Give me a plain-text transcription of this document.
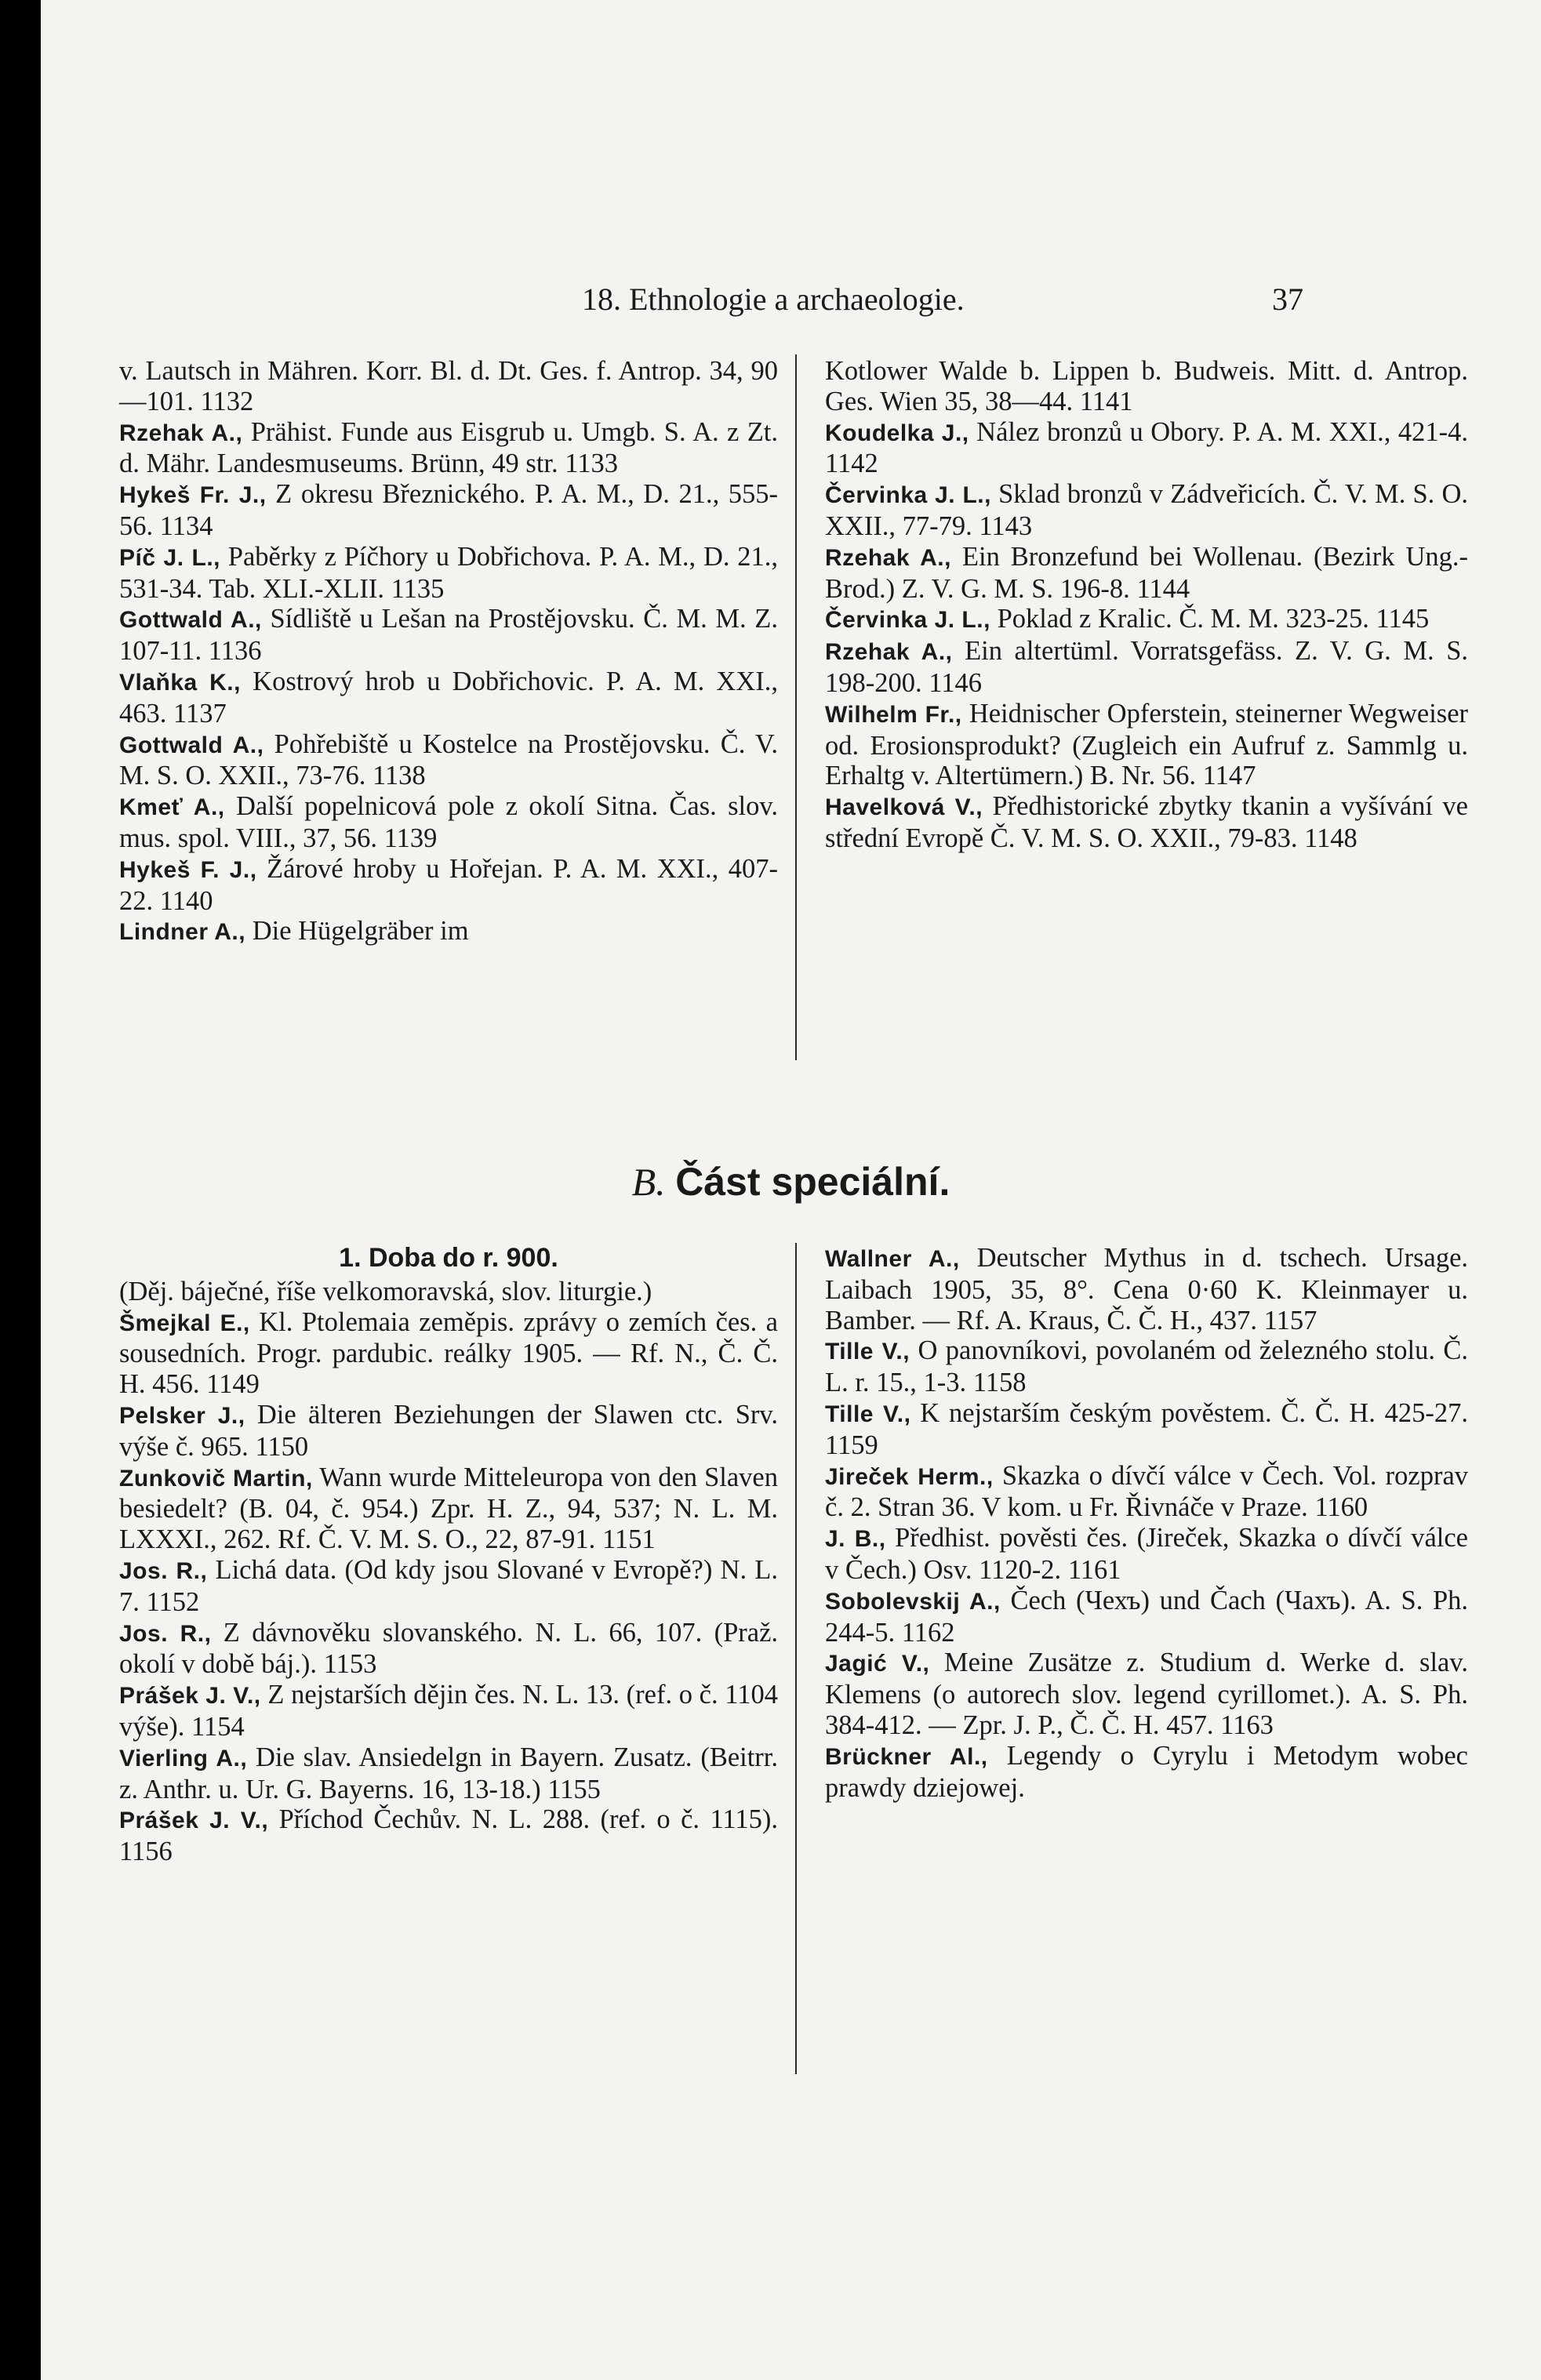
18. Ethnologie a archaeologie.	37

v. Lautsch in Mähren. Korr. Bl. d. Dt. Ges. f. Antrop. 34, 90—101. 1132

Rzehak A., Prähist. Funde aus Eisgrub u. Umgb. S. A. z Zt. d. Mähr. Landesmuseums. Brünn, 49 str. 1133

Hykeš Fr. J., Z okresu Březnického. P. A. M., D. 21., 555-56. 1134

Píč J. L., Paběrky z Píčhory u Dobřichova. P. A. M., D. 21., 531-34. Tab. XLI.-XLII. 1135

Gottwald A., Sídliště u Lešan na Prostějovsku. Č. M. M. Z. 107-11. 1136

Vlaňka K., Kostrový hrob u Dobřichovic. P. A. M. XXI., 463. 1137

Gottwald A., Pohřebiště u Kostelce na Prostějovsku. Č. V. M. S. O. XXII., 73-76. 1138

Kmeť A., Další popelnicová pole z okolí Sitna. Čas. slov. mus. spol. VIII., 37, 56. 1139

Hykeš F. J., Žárové hroby u Hořejan. P. A. M. XXI., 407-22. 1140

Lindner A., Die Hügelgräber im

Kotlower Walde b. Lippen b. Budweis. Mitt. d. Antrop. Ges. Wien 35, 38—44. 1141

Koudelka J., Nález bronzů u Obory. P. A. M. XXI., 421-4. 1142

Červinka J. L., Sklad bronzů v Zádveřicích. Č. V. M. S. O. XXII., 77-79. 1143

Rzehak A., Ein Bronzefund bei Wollenau. (Bezirk Ung.-Brod.) Z. V. G. M. S. 196-8. 1144

Červinka J. L., Poklad z Kralic. Č. M. M. 323-25. 1145

Rzehak A., Ein altertüml. Vorratsgefäss. Z. V. G. M. S. 198-200. 1146

Wilhelm Fr., Heidnischer Opferstein, steinerner Wegweiser od. Erosionsprodukt? (Zugleich ein Aufruf z. Sammlg u. Erhaltg v. Altertümern.) B. Nr. 56. 1147

Havelková V., Předhistorické zbytky tkanin a vyšívání ve střední Evropě Č. V. M. S. O. XXII., 79-83. 1148

B. Část speciální.

1. Doba do r. 900.

(Děj. báječné, říše velkomoravská, slov. liturgie.)

Šmejkal E., Kl. Ptolemaia zeměpis. zprávy o zemích čes. a sousedních. Progr. pardubic. reálky 1905. — Rf. N., Č. Č. H. 456. 1149

Pelsker J., Die älteren Beziehungen der Slawen ctc. Srv. výše č. 965. 1150

Zunkovič Martin, Wann wurde Mitteleuropa von den Slaven besiedelt? (B. 04, č. 954.) Zpr. H. Z., 94, 537; N. L. M. LXXXI., 262. Rf. Č. V. M. S. O., 22, 87-91. 1151

Jos. R., Lichá data. (Od kdy jsou Slované v Evropě?) N. L. 7. 1152

Jos. R., Z dávnověku slovanského. N. L. 66, 107. (Praž. okolí v době báj.). 1153

Prášek J. V., Z nejstarších dějin čes. N. L. 13. (ref. o č. 1104 výše). 1154

Vierling A., Die slav. Ansiedelgn in Bayern. Zusatz. (Beitrr. z. Anthr. u. Ur. G. Bayerns. 16, 13-18.) 1155

Prášek J. V., Příchod Čechův. N. L. 288. (ref. o č. 1115). 1156

Wallner A., Deutscher Mythus in d. tschech. Ursage. Laibach 1905, 35, 8°. Cena 0·60 K. Kleinmayer u. Bamber. — Rf. A. Kraus, Č. Č. H., 437. 1157

Tille V., O panovníkovi, povolaném od železného stolu. Č. L. r. 15., 1-3. 1158

Tille V., K nejstarším českým pověstem. Č. Č. H. 425-27. 1159

Jireček Herm., Skazka o dívčí válce v Čech. Vol. rozprav č. 2. Stran 36. V kom. u Fr. Řivnáče v Praze. 1160

J. B., Předhist. pověsti čes. (Jireček, Skazka o dívčí válce v Čech.) Osv. 1120-2. 1161

Sobolevskij A., Čech (Чехъ) und Čach (Чахъ). A. S. Ph. 244-5. 1162

Jagić V., Meine Zusätze z. Studium d. Werke d. slav. Klemens (o autorech slov. legend cyrillomet.). A. S. Ph. 384-412. — Zpr. J. P., Č. Č. H. 457. 1163

Brückner Al., Legendy o Cyrylu i Metodym wobec prawdy dziejowej.
